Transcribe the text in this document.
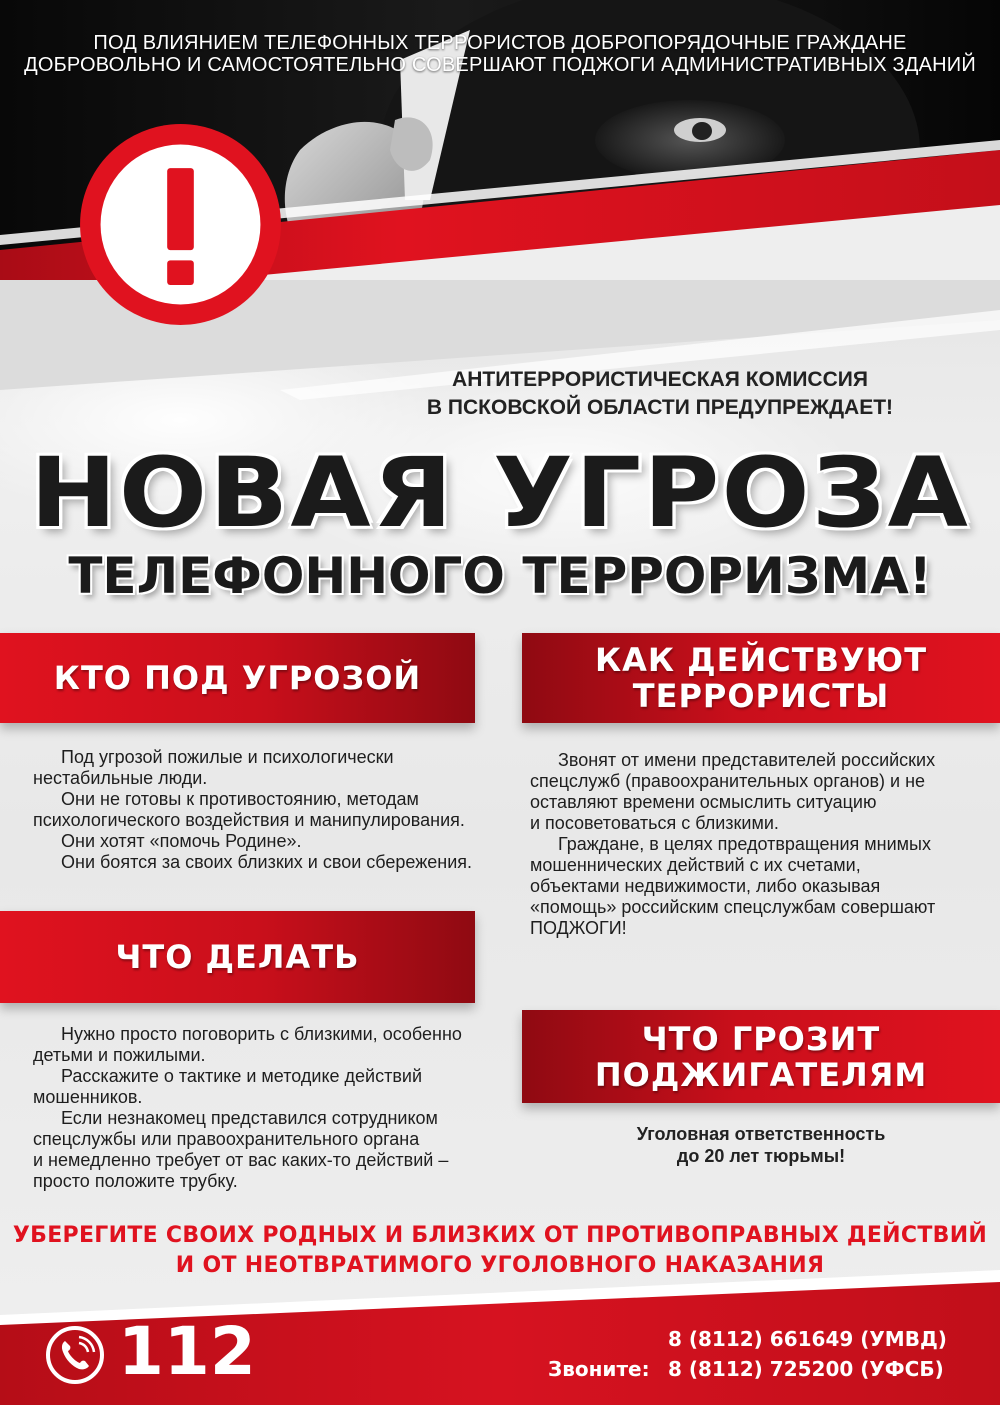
ПОД ВЛИЯНИЕМ ТЕЛЕФОННЫХ ТЕРРОРИСТОВ ДОБРОПОРЯДОЧНЫЕ ГРАЖДАНЕ
ДОБРОВОЛЬНО И САМОСТОЯТЕЛЬНО СОВЕРШАЮТ ПОДЖОГИ АДМИНИСТРАТИВНЫХ ЗДАНИЙ
АНТИТЕРРОРИСТИЧЕСКАЯ КОМИССИЯ
В ПСКОВСКОЙ ОБЛАСТИ ПРЕДУПРЕЖДАЕТ!
НОВАЯ УГРОЗА
ТЕЛЕФОННОГО ТЕРРОРИЗМА!
КТО ПОД УГРОЗОЙ

Под угрозой пожилые и психологически

нестабильные люди.

Они не готовы к противостоянию, методам

психологического воздействия и манипулирования.

Они хотят «помочь Родине».

Они боятся за своих близких и свои сбережения.

КАК ДЕЙСТВУЮТ
ТЕРРОРИСТЫ

Звонят от имени представителей российских

спецслужб (правоохранительных органов) и не

оставляют времени осмыслить ситуацию

и посоветоваться с близкими.

Граждане, в целях предотвращения мнимых

мошеннических действий с их счетами,

объектами недвижимости, либо оказывая

«помощь» российским спецслужбам совершают

ПОДЖОГИ!

ЧТО ДЕЛАТЬ

Нужно просто поговорить с близкими, особенно

детьми и пожилыми.

Расскажите о тактике и методике действий

мошенников.

Если незнакомец представился сотрудником

спецслужбы или правоохранительного органа

и немедленно требует от вас каких-то действий –

просто положите трубку.

ЧТО ГРОЗИТ
ПОДЖИГАТЕЛЯМ
Уголовная ответственность
до 20 лет тюрьмы!
УБЕРЕГИТЕ СВОИХ РОДНЫХ И БЛИЗКИХ ОТ ПРОТИВОПРАВНЫХ ДЕЙСТВИЙ
И ОТ НЕОТВРАТИМОГО УГОЛОВНОГО НАКАЗАНИЯ
112	Звоните:
8 (8112) 661649 (УМВД)
8 (8112) 725200 (УФСБ)
